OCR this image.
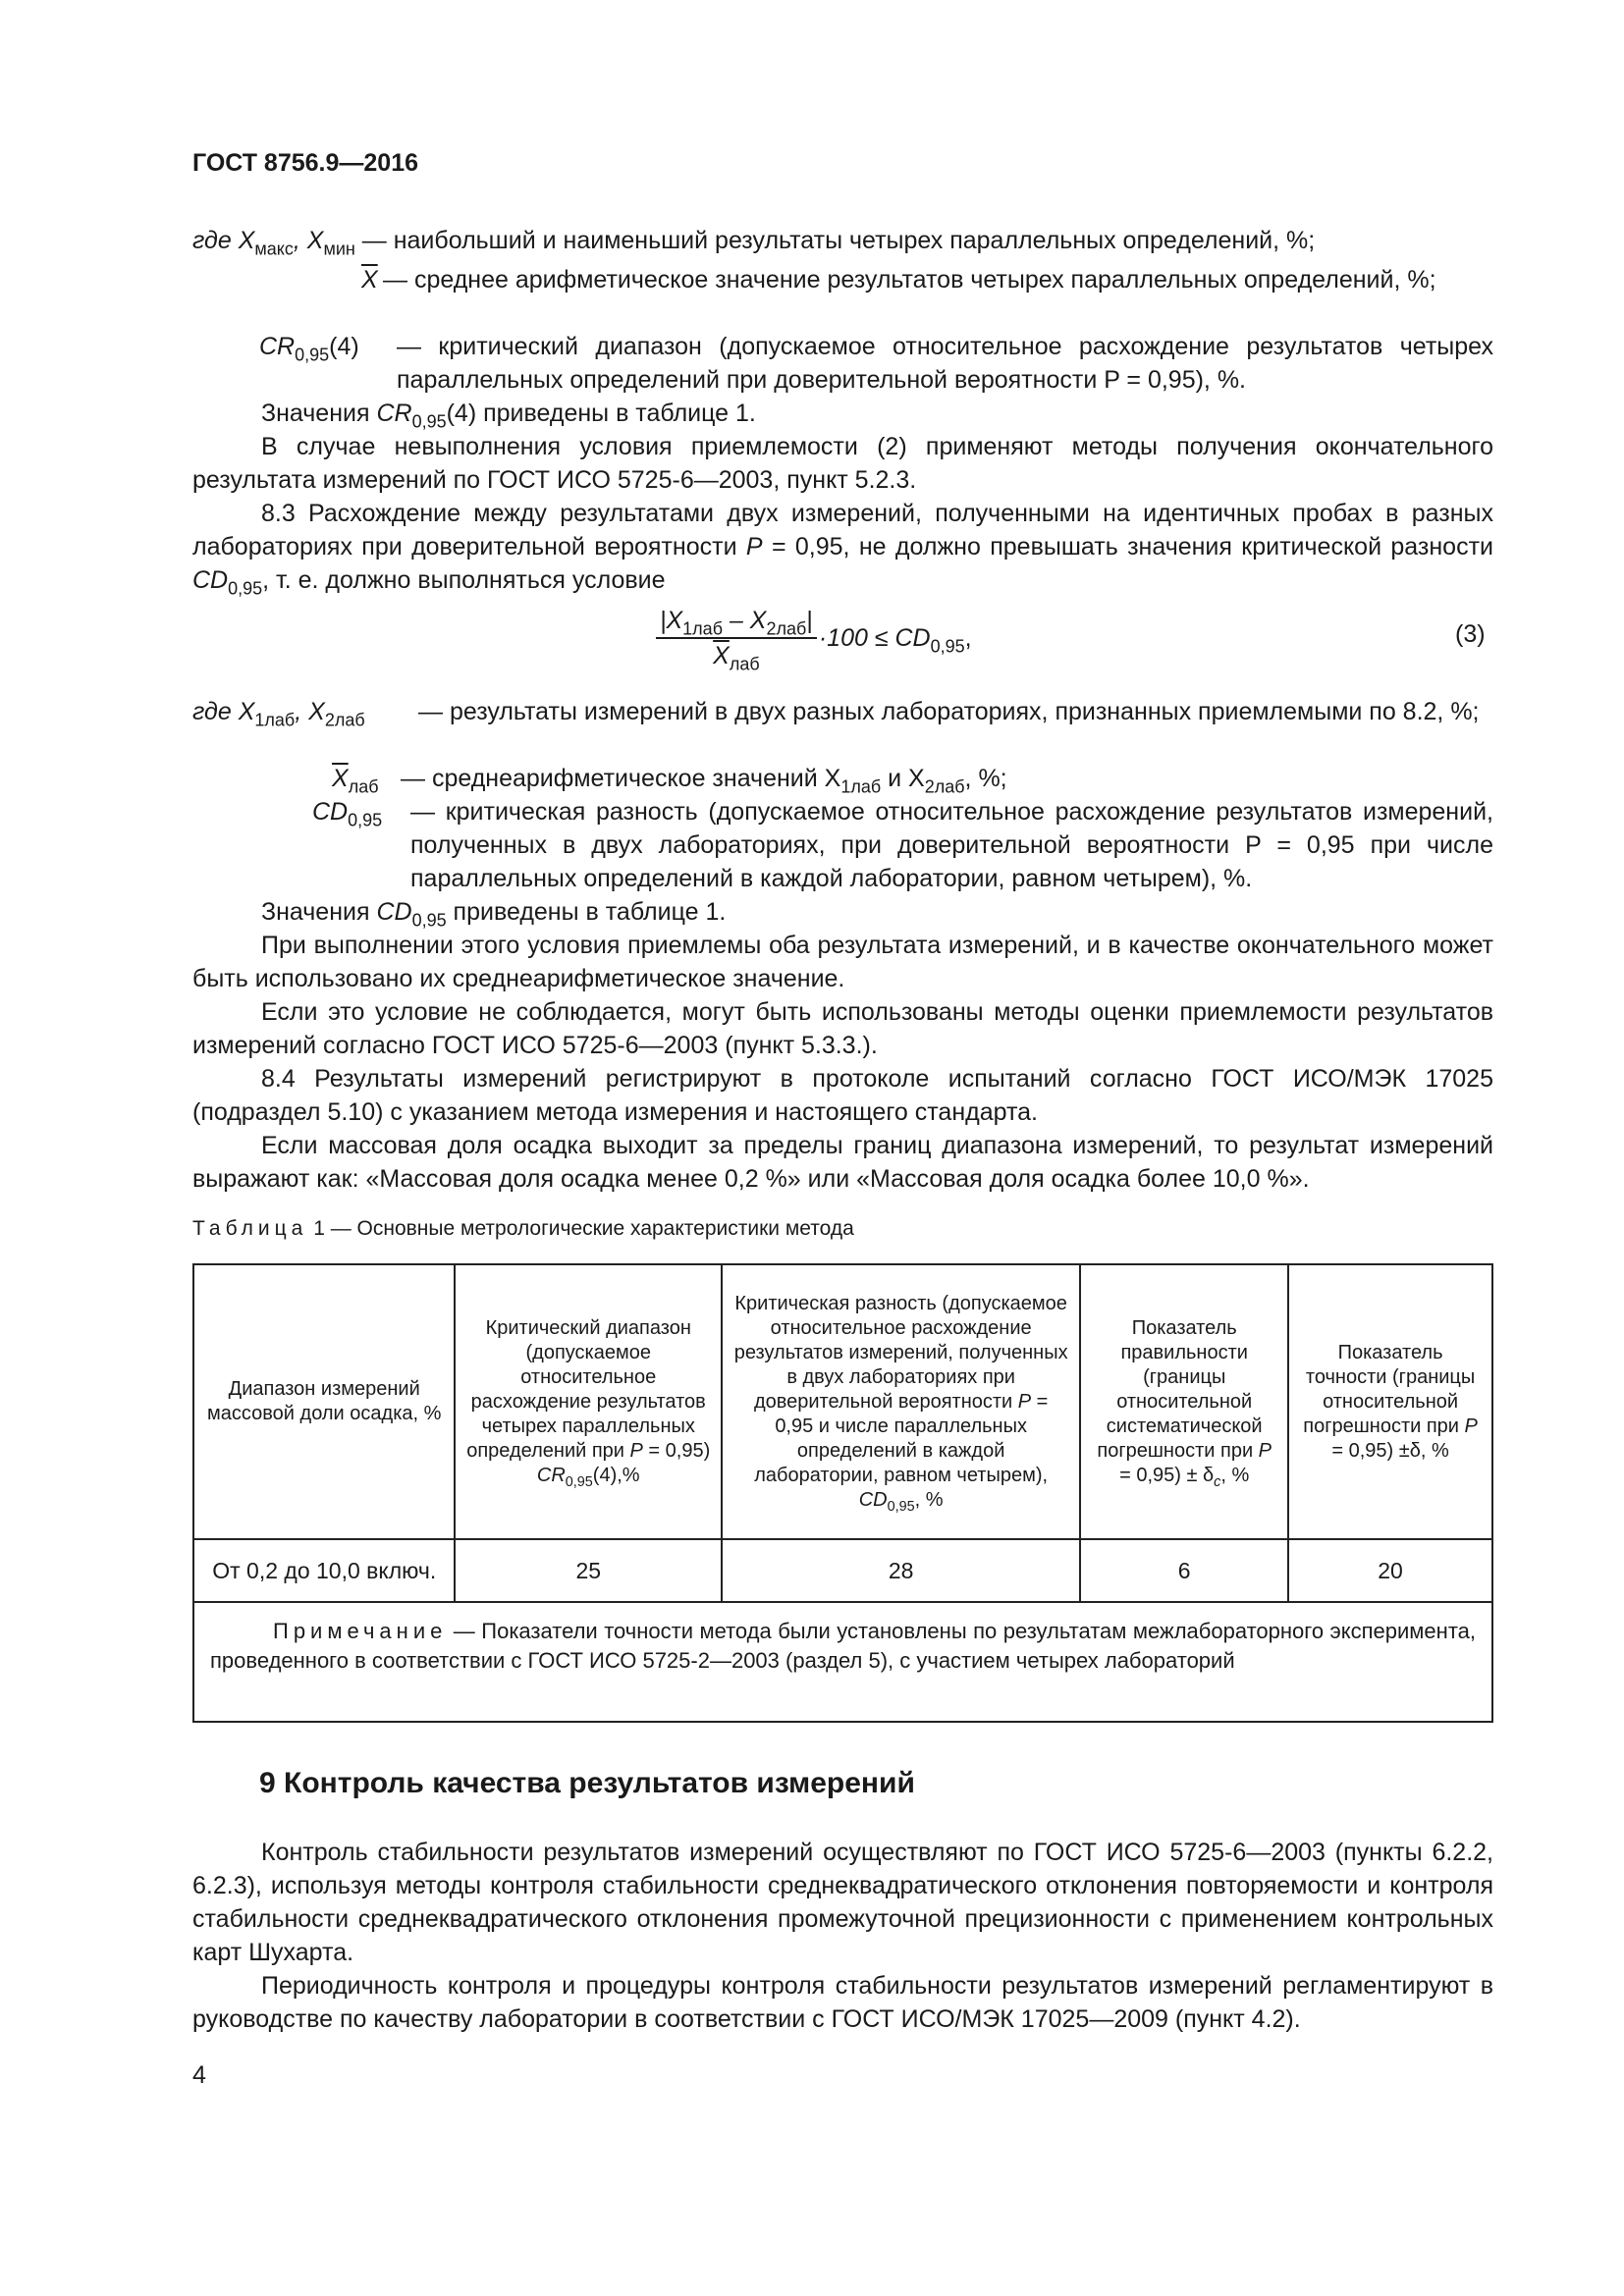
ГОСТ 8756.9—2016
где $X_{макс}$, $X_{мин}$ — наибольший и наименьший результаты четырех параллельных определений, %;
$\overline{X}$ — среднее арифметическое значение результатов четырех параллельных определений, %;
$CR_{0,95}(4)$ — критический диапазон (допускаемое относительное расхождение результатов четырех параллельных определений при доверительной вероятности P = 0,95), %.
Значения $CR_{0,95}(4)$ приведены в таблице 1.
В случае невыполнения условия приемлемости (2) применяют методы получения окончательного результата измерений по ГОСТ ИСО 5725-6—2003, пункт 5.2.3.
8.3 Расхождение между результатами двух измерений, полученными на идентичных пробах в разных лабораториях при доверительной вероятности P = 0,95, не должно превышать значения критической разности $CD_{0,95}$, т. е. должно выполняться условие
$|X_{1лаб} - X_{2лаб}|$
$\overline{X}_{лаб}$
$\cdot 100 \le CD_{0,95}$,	(3)
где $X_{1лаб}$, $X_{2лаб}$ — результаты измерений в двух разных лабораториях, признанных приемлемыми по 8.2, %;
$\overline{X}_{лаб}$ — среднеарифметическое значений $X_{1лаб}$ и $X_{2лаб}$, %;
$CD_{0,95}$ — критическая разность (допускаемое относительное расхождение результатов измерений, полученных в двух лабораториях, при доверительной вероятности P = 0,95 при числе параллельных определений в каждой лаборатории, равном четырем), %.
Значения $CD_{0,95}$ приведены в таблице 1.
При выполнении этого условия приемлемы оба результата измерений, и в качестве окончательного может быть использовано их среднеарифметическое значение.
Если это условие не соблюдается, могут быть использованы методы оценки приемлемости результатов измерений согласно ГОСТ ИСО 5725-6—2003 (пункт 5.3.3.).
8.4 Результаты измерений регистрируют в протоколе испытаний согласно ГОСТ ИСО/МЭК 17025 (подраздел 5.10) с указанием метода измерения и настоящего стандарта.
Если массовая доля осадка выходит за пределы границ диапазона измерений, то результат измерений выражают как: «Массовая доля осадка менее 0,2 %» или «Массовая доля осадка более 10,0 %».
Таблица 1 — Основные метрологические характеристики метода
Диапазон измерений массовой доли осадка, %	Критический диапазон (допускаемое относительное расхождение результатов четырех параллельных определений при P = 0,95) $CR_{0,95}(4),\%$	Критическая разность (допускаемое относительное расхождение результатов измерений, полученных в двух лабораториях при доверительной вероятности P = 0,95 и числе параллельных определений в каждой лаборатории, равном четырем), $CD_{0,95}$, %	Показатель правильности (границы относительной систематической погрешности при $P = 0,95) \pm \delta_c$, %	Показатель точности (границы относительной погрешности при P = 0,95) ±δ, %
От 0,2 до 10,0 включ.	25	28	6	20
Примечание — Показатели точности метода были установлены по результатам межлабораторного эксперимента, проведенного в соответствии с ГОСТ ИСО 5725-2—2003 (раздел 5), с участием четырех лабораторий				
9 Контроль качества результатов измерений
Контроль стабильности результатов измерений осуществляют по ГОСТ ИСО 5725-6—2003 (пункты 6.2.2, 6.2.3), используя методы контроля стабильности среднеквадратического отклонения повторяемости и контроля стабильности среднеквадратического отклонения промежуточной прецизионности с применением контрольных карт Шухарта.
Периодичность контроля и процедуры контроля стабильности результатов измерений регламентируют в руководстве по качеству лаборатории в соответствии с ГОСТ ИСО/МЭК 17025—2009 (пункт 4.2).
4
